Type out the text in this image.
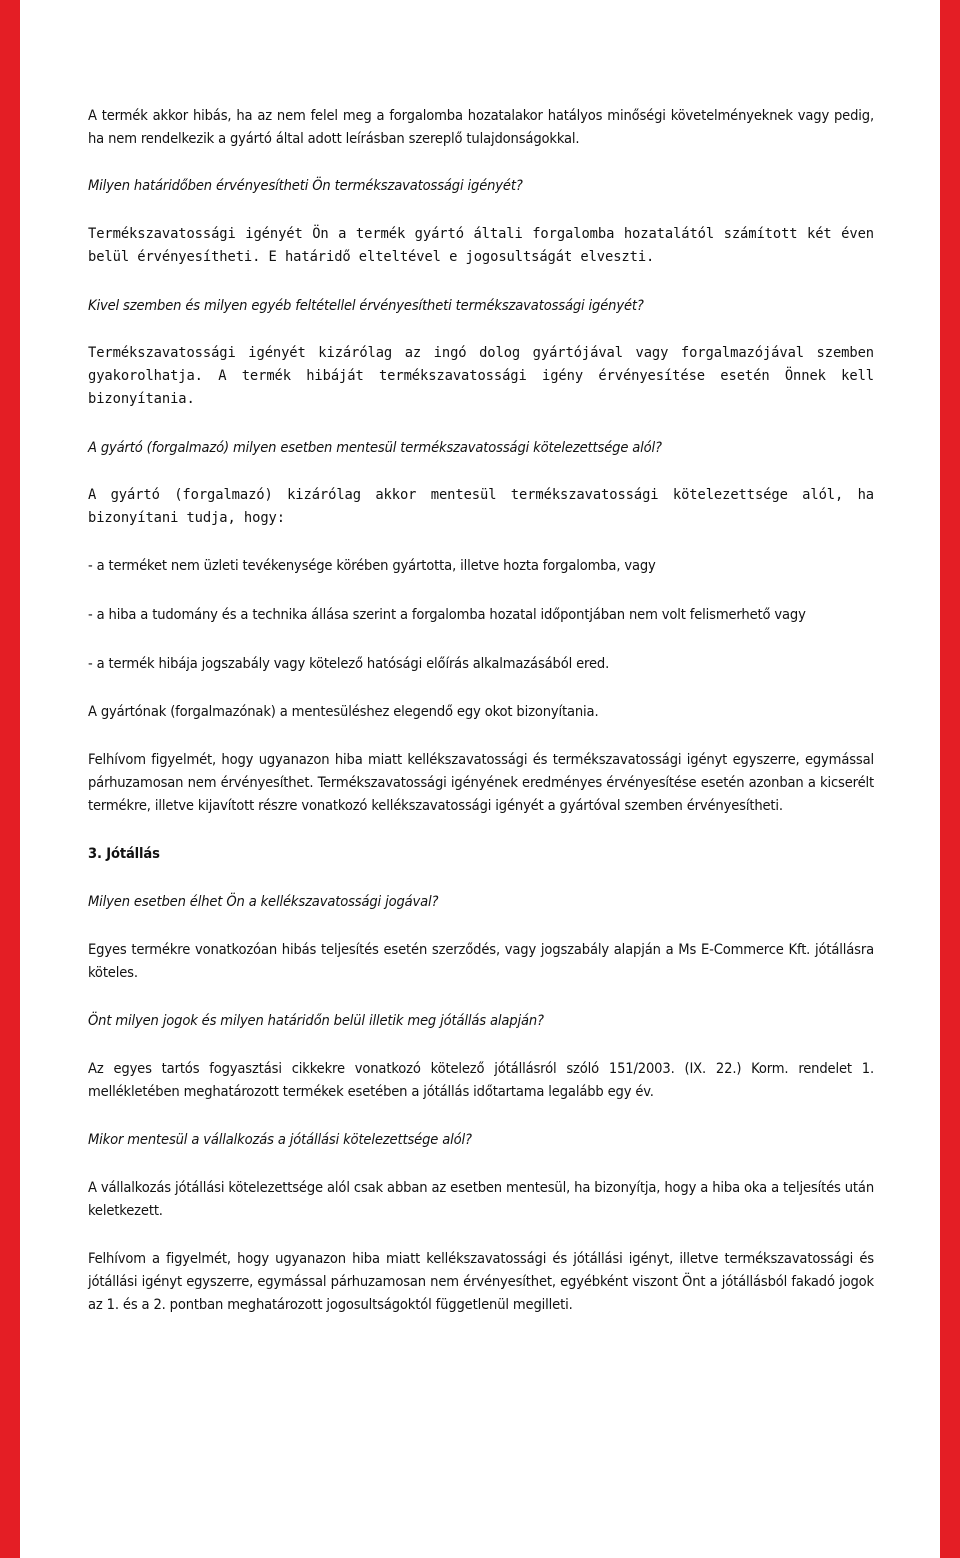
A termék akkor hibás, ha az nem felel meg a forgalomba hozatalakor hatályos minőségi követelményeknek vagy pedig, ha nem rendelkezik a gyártó által adott leírásban szereplő tulajdonságokkal.

Milyen határidőben érvényesítheti Ön termékszavatossági igényét?

Termékszavatossági igényét Ön a termék gyártó általi forgalomba hozatalától számított két éven belül érvényesítheti. E határidő elteltével e jogosultságát elveszti.

Kivel szemben és milyen egyéb feltétellel érvényesítheti termékszavatossági igényét?

Termékszavatossági igényét kizárólag az ingó dolog gyártójával vagy forgalmazójával szemben gyakorolhatja. A termék hibáját termékszavatossági igény érvényesítése esetén Önnek kell bizonyítania.

A gyártó (forgalmazó) milyen esetben mentesül termékszavatossági kötelezettsége alól?

A gyártó (forgalmazó) kizárólag akkor mentesül termékszavatossági kötelezettsége alól, ha bizonyítani tudja, hogy:

- a terméket nem üzleti tevékenysége körében gyártotta, illetve hozta forgalomba, vagy

- a hiba a tudomány és a technika állása szerint a forgalomba hozatal időpontjában nem volt felismerhető vagy

- a termék hibája jogszabály vagy kötelező hatósági előírás alkalmazásából ered.

A gyártónak (forgalmazónak) a mentesüléshez elegendő egy okot bizonyítania.

Felhívom figyelmét, hogy ugyanazon hiba miatt kellékszavatossági és termékszavatossági igényt egyszerre, egymással párhuzamosan nem érvényesíthet. Termékszavatossági igényének eredményes érvényesítése esetén azonban a kicserélt termékre, illetve kijavított részre vonatkozó kellékszavatossági igényét a gyártóval szemben érvényesítheti.

3. Jótállás

Milyen esetben élhet Ön a kellékszavatossági jogával?

Egyes termékre vonatkozóan hibás teljesítés esetén szerződés, vagy jogszabály alapján a Ms E-Commerce Kft. jótállásra köteles.

Önt milyen jogok és milyen határidőn belül illetik meg jótállás alapján?

Az egyes tartós fogyasztási cikkekre vonatkozó kötelező jótállásról szóló 151/2003. (IX. 22.) Korm. rendelet 1. mellékletében meghatározott termékek esetében a jótállás időtartama legalább egy év.

Mikor mentesül a vállalkozás a jótállási kötelezettsége alól?

A vállalkozás jótállási kötelezettsége alól csak abban az esetben mentesül, ha bizonyítja, hogy a hiba oka a teljesítés után keletkezett.

Felhívom a figyelmét, hogy ugyanazon hiba miatt kellékszavatossági és jótállási igényt, illetve termékszavatossági és jótállási igényt egyszerre, egymással párhuzamosan nem érvényesíthet, egyébként viszont Önt a jótállásból fakadó jogok az 1. és a 2. pontban meghatározott jogosultságoktól függetlenül megilleti.
